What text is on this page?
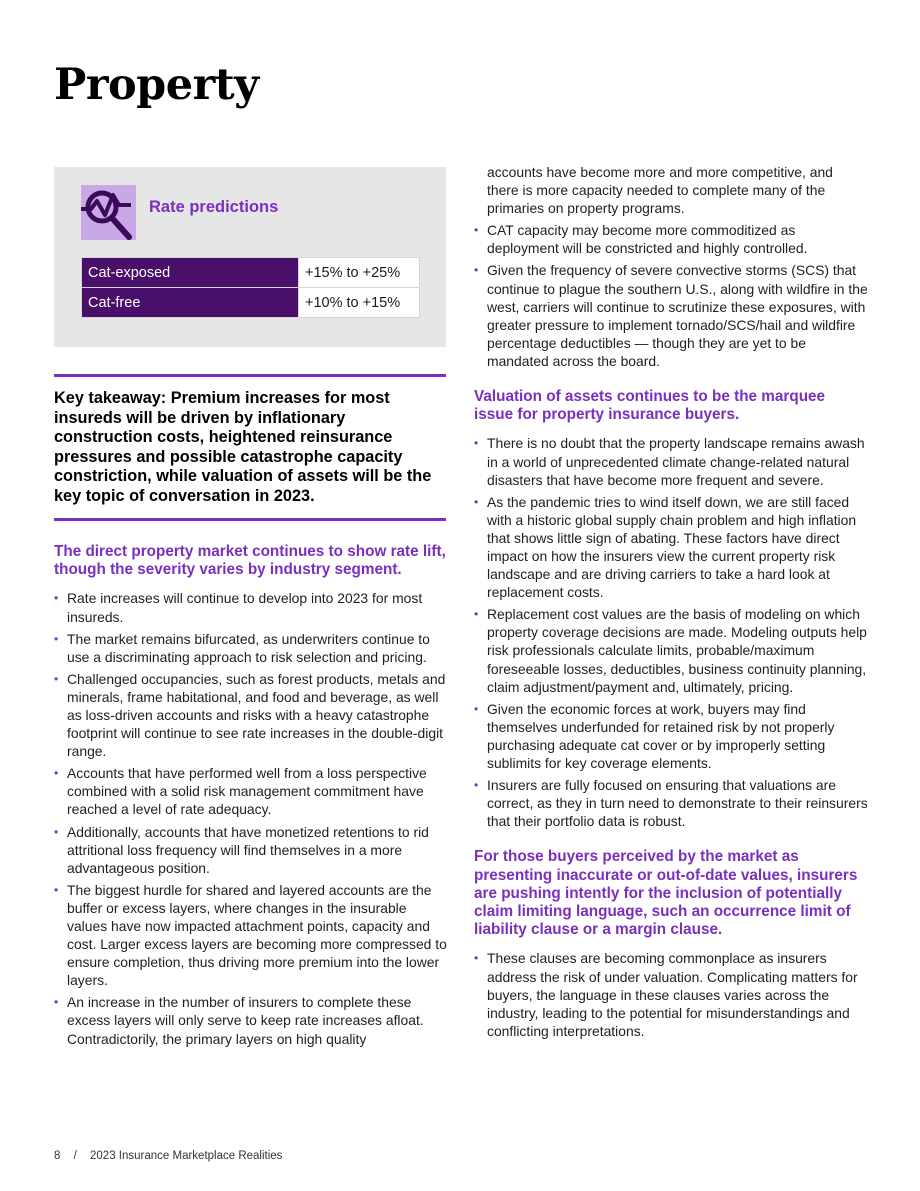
Property
Rate predictions
Cat-exposed	+15% to +25%
Cat-free	+10% to +15%

Key takeaway: Premium increases for most insureds will be driven by inflationary construction costs, heightened reinsurance pressures and possible catastrophe capacity constriction, while valuation of assets will be the key topic of conversation in 2023.

The direct property market continues to show rate lift, though the severity varies by industry segment.
• Rate increases will continue to develop into 2023 for most insureds.
• The market remains bifurcated, as underwriters continue to use a discriminating approach to risk selection and pricing.
• Challenged occupancies, such as forest products, metals and minerals, frame habitational, and food and beverage, as well as loss-driven accounts and risks with a heavy catastrophe footprint will continue to see rate increases in the double-digit range.
• Accounts that have performed well from a loss perspective combined with a solid risk management commitment have reached a level of rate adequacy.
• Additionally, accounts that have monetized retentions to rid attritional loss frequency will find themselves in a more advantageous position.
• The biggest hurdle for shared and layered accounts are the buffer or excess layers, where changes in the insurable values have now impacted attachment points, capacity and cost. Larger excess layers are becoming more compressed to ensure completion, thus driving more premium into the lower layers.
• An increase in the number of insurers to complete these excess layers will only serve to keep rate increases afloat. Contradictorily, the primary layers on high quality

accounts have become more and more competitive, and there is more capacity needed to complete many of the primaries on property programs.

• CAT capacity may become more commoditized as deployment will be constricted and highly controlled.
• Given the frequency of severe convective storms (SCS) that continue to plague the southern U.S., along with wildfire in the west, carriers will continue to scrutinize these exposures, with greater pressure to implement tornado/SCS/hail and wildfire percentage deductibles — though they are yet to be mandated across the board.
Valuation of assets continues to be the marquee issue for property insurance buyers.
• There is no doubt that the property landscape remains awash in a world of unprecedented climate change-related natural disasters that have become more frequent and severe.
• As the pandemic tries to wind itself down, we are still faced with a historic global supply chain problem and high inflation that shows little sign of abating. These factors have direct impact on how the insurers view the current property risk landscape and are driving carriers to take a hard look at replacement costs.
• Replacement cost values are the basis of modeling on which property coverage decisions are made. Modeling outputs help risk professionals calculate limits, probable/maximum foreseeable losses, deductibles, business continuity planning, claim adjustment/payment and, ultimately, pricing.
• Given the economic forces at work, buyers may find themselves underfunded for retained risk by not properly purchasing adequate cat cover or by improperly setting sublimits for key coverage elements.
• Insurers are fully focused on ensuring that valuations are correct, as they in turn need to demonstrate to their reinsurers that their portfolio data is robust.
For those buyers perceived by the market as presenting inaccurate or out-of-date values, insurers are pushing intently for the inclusion of potentially claim limiting language, such an occurrence limit of liability clause or a margin clause.
• These clauses are becoming commonplace as insurers address the risk of under valuation. Complicating matters for buyers, the language in these clauses varies across the industry, leading to the potential for misunderstandings and conflicting interpretations.
8 / 2023 Insurance Marketplace Realities
